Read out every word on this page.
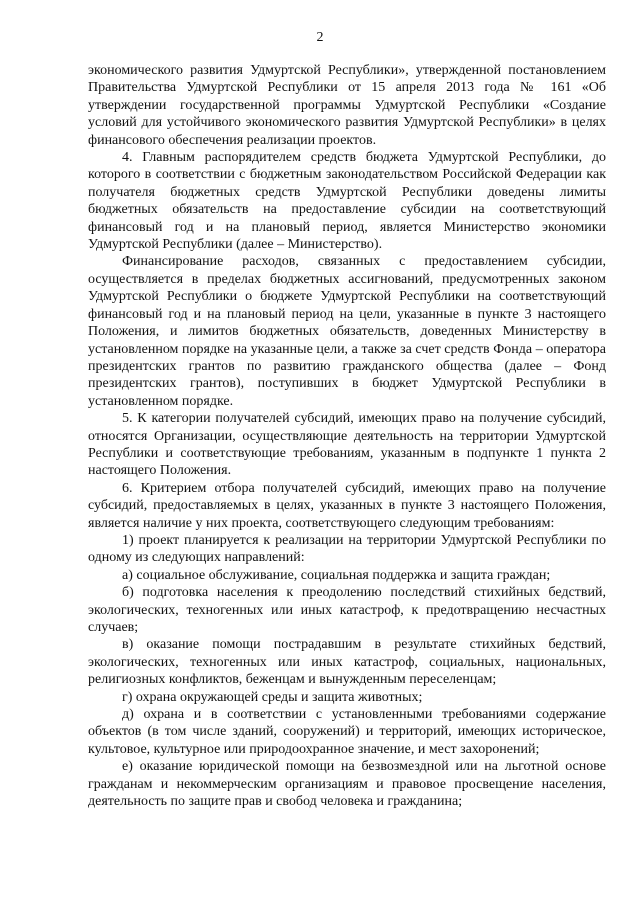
2

экономического развития Удмуртской Республики», утвержденной постановлением Правительства Удмуртской Республики от 15 апреля 2013 года № 161 «Об утверждении государственной программы Удмуртской Республики «Создание условий для устойчивого экономического развития Удмуртской Республики» в целях финансового обеспечения реализации проектов.

4. Главным распорядителем средств бюджета Удмуртской Республики, до которого в соответствии с бюджетным законодательством Российской Федерации как получателя бюджетных средств Удмуртской Республики доведены лимиты бюджетных обязательств на предоставление субсидии на соответствующий финансовый год и на плановый период, является Министерство экономики Удмуртской Республики (далее – Министерство).

Финансирование расходов, связанных с предоставлением субсидии, осуществляется в пределах бюджетных ассигнований, предусмотренных законом Удмуртской Республики о бюджете Удмуртской Республики на соответствующий финансовый год и на плановый период на цели, указанные в пункте 3 настоящего Положения, и лимитов бюджетных обязательств, доведенных Министерству в установленном порядке на указанные цели, а также за счет средств Фонда – оператора президентских грантов по развитию гражданского общества (далее – Фонд президентских грантов), поступивших в бюджет Удмуртской Республики в установленном порядке.

5. К категории получателей субсидий, имеющих право на получение субсидий, относятся Организации, осуществляющие деятельность на территории Удмуртской Республики и соответствующие требованиям, указанным в подпункте 1 пункта 2 настоящего Положения.

6. Критерием отбора получателей субсидий, имеющих право на получение субсидий, предоставляемых в целях, указанных в пункте 3 настоящего Положения, является наличие у них проекта, соответствующего следующим требованиям:

1) проект планируется к реализации на территории Удмуртской Республики по одному из следующих направлений:

а) социальное обслуживание, социальная поддержка и защита граждан;

б) подготовка населения к преодолению последствий стихийных бедствий, экологических, техногенных или иных катастроф, к предотвращению несчастных случаев;

в) оказание помощи пострадавшим в результате стихийных бедствий, экологических, техногенных или иных катастроф, социальных, национальных, религиозных конфликтов, беженцам и вынужденным переселенцам;

г) охрана окружающей среды и защита животных;

д) охрана и в соответствии с установленными требованиями содержание объектов (в том числе зданий, сооружений) и территорий, имеющих историческое, культовое, культурное или природоохранное значение, и мест захоронений;

е) оказание юридической помощи на безвозмездной или на льготной основе гражданам и некоммерческим организациям и правовое просвещение населения, деятельность по защите прав и свобод человека и гражданина;
